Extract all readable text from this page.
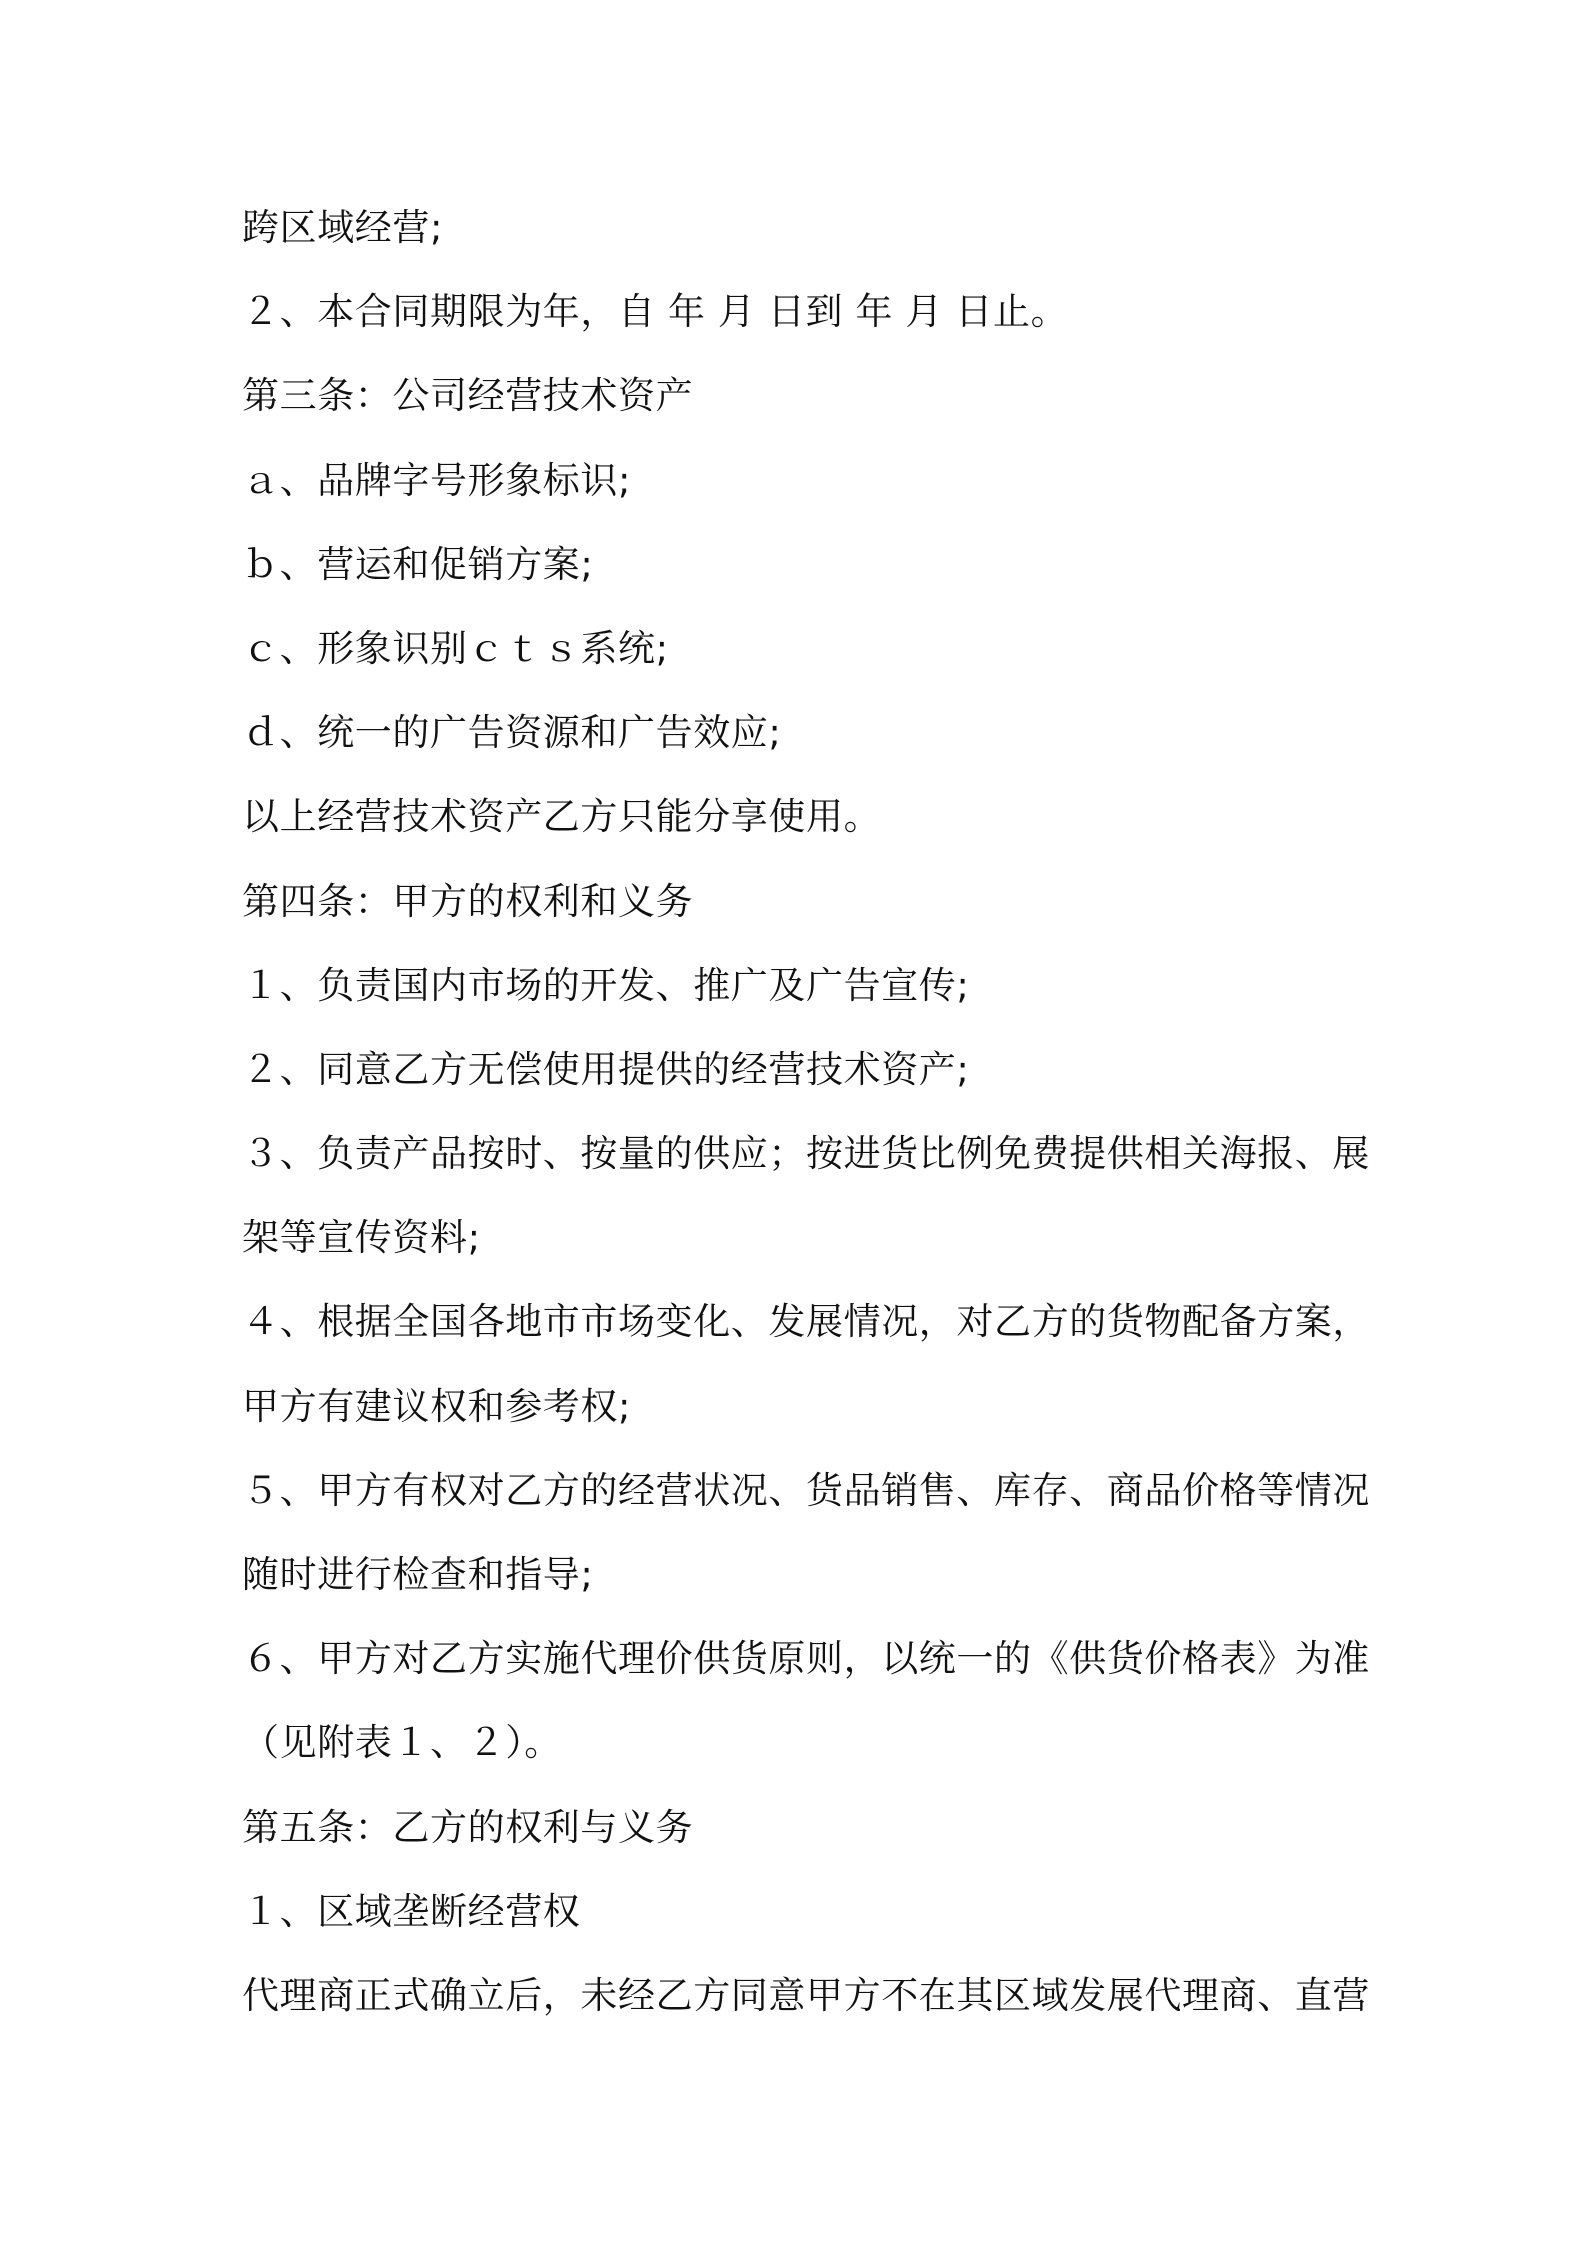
跨区域经营;
２、本合同期限为年，自 年 月 日到 年 月 日止。
第三条：公司经营技术资产
ａ、品牌字号形象标识;
ｂ、营运和促销方案;
ｃ、形象识别ｃｔｓ系统;
ｄ、统一的广告资源和广告效应;
以上经营技术资产乙方只能分享使用。
第四条：甲方的权利和义务
１、负责国内市场的开发、推广及广告宣传;
２、同意乙方无偿使用提供的经营技术资产;
３、负责产品按时、按量的供应；按进货比例免费提供相关海报、展
架等宣传资料;
４、根据全国各地市市场变化、发展情况，对乙方的货物配备方案，
甲方有建议权和参考权;
５、甲方有权对乙方的经营状况、货品销售、库存、商品价格等情况
随时进行检查和指导;
６、甲方对乙方实施代理价供货原则，以统一的《供货价格表》为准
（见附表１、２）。
第五条：乙方的权利与义务
１、区域垄断经营权
代理商正式确立后，未经乙方同意甲方不在其区域发展代理商、直营
